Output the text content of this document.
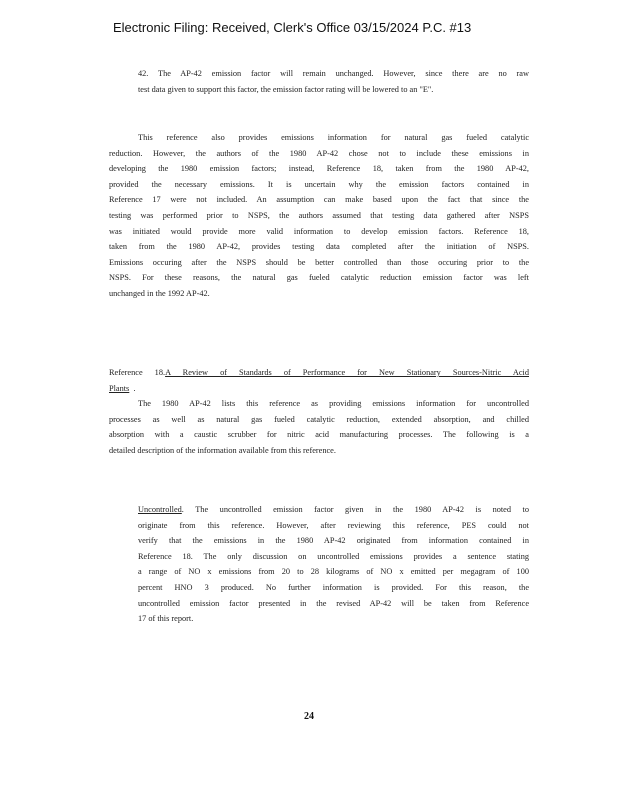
Electronic Filing: Received, Clerk's Office 03/15/2024 P.C. #13
42. The AP-42 emission factor will remain unchanged. However, since there are no raw
test data given to support this factor, the emission factor rating will be lowered to an "E".
This reference also provides emissions information for natural gas fueled catalytic
reduction. However, the authors of the 1980 AP-42 chose not to include these emissions in
developing the 1980 emission factors; instead, Reference 18, taken from the 1980 AP-42,
provided the necessary emissions. It is uncertain why the emission factors contained in
Reference 17 were not included. An assumption can make based upon the fact that since the
testing was performed prior to NSPS, the authors assumed that testing data gathered after NSPS
was initiated would provide more valid information to develop emission factors. Reference 18,
taken from the 1980 AP-42, provides testing data completed after the initiation of NSPS.
Emissions occuring after the NSPS should be better controlled than those occuring prior to the
NSPS. For these reasons, the natural gas fueled catalytic reduction emission factor was left
unchanged in the 1992 AP-42.
Reference 18.A Review of Standards of Performance for New Stationary Sources-Nitric Acid
Plants .
The 1980 AP-42 lists this reference as providing emissions information for uncontrolled
processes as well as natural gas fueled catalytic reduction, extended absorption, and chilled
absorption with a caustic scrubber for nitric acid manufacturing processes. The following is a
detailed description of the information available from this reference.
Uncontrolled. The uncontrolled emission factor given in the 1980 AP-42 is noted to
originate from this reference. However, after reviewing this reference, PES could not
verify that the emissions in the 1980 AP-42 originated from information contained in
Reference 18. The only discussion on uncontrolled emissions provides a sentence stating
a range of NO x emissions from 20 to 28 kilograms of NO x emitted per megagram of 100
percent HNO 3 produced. No further information is provided. For this reason, the
uncontrolled emission factor presented in the revised AP-42 will be taken from Reference
17 of this report.
24
